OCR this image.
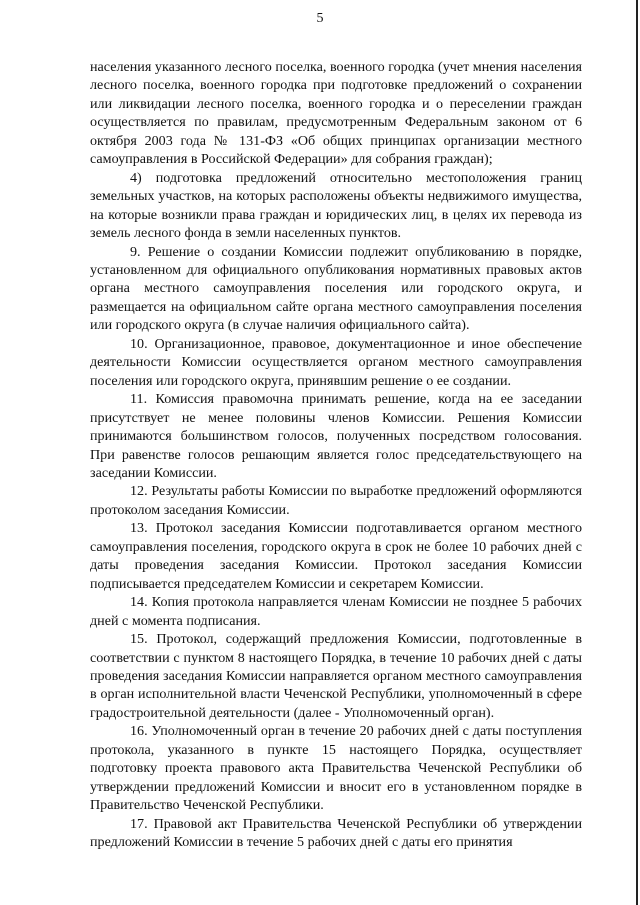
5

населения указанного лесного поселка, военного городка (учет мнения населения лесного поселка, военного городка при подготовке предложений о сохранении или ликвидации лесного поселка, военного городка и о переселении граждан осуществляется по правилам, предусмотренным Федеральным законом от 6 октября 2003 года № 131-ФЗ «Об общих принципах организации местного самоуправления в Российской Федерации» для собрания граждан);

4) подготовка предложений относительно местоположения границ земельных участков, на которых расположены объекты недвижимого имущества, на которые возникли права граждан и юридических лиц, в целях их перевода из земель лесного фонда в земли населенных пунктов.

9. Решение о создании Комиссии подлежит опубликованию в порядке, установленном для официального опубликования нормативных правовых актов органа местного самоуправления поселения или городского округа, и размещается на официальном сайте органа местного самоуправления поселения или городского округа (в случае наличия официального сайта).

10. Организационное, правовое, документационное и иное обеспечение деятельности Комиссии осуществляется органом местного самоуправления поселения или городского округа, принявшим решение о ее создании.

11. Комиссия правомочна принимать решение, когда на ее заседании присутствует не менее половины членов Комиссии. Решения Комиссии принимаются большинством голосов, полученных посредством голосования. При равенстве голосов решающим является голос председательствующего на заседании Комиссии.

12. Результаты работы Комиссии по выработке предложений оформляются протоколом заседания Комиссии.

13. Протокол заседания Комиссии подготавливается органом местного самоуправления поселения, городского округа в срок не более 10 рабочих дней с даты проведения заседания Комиссии. Протокол заседания Комиссии подписывается председателем Комиссии и секретарем Комиссии.

14. Копия протокола направляется членам Комиссии не позднее 5 рабочих дней с момента подписания.

15. Протокол, содержащий предложения Комиссии, подготовленные в соответствии с пунктом 8 настоящего Порядка, в течение 10 рабочих дней с даты проведения заседания Комиссии направляется органом местного самоуправления в орган исполнительной власти Чеченской Республики, уполномоченный в сфере градостроительной деятельности (далее - Уполномоченный орган).

16. Уполномоченный орган в течение 20 рабочих дней с даты поступления протокола, указанного в пункте 15 настоящего Порядка, осуществляет подготовку проекта правового акта Правительства Чеченской Республики об утверждении предложений Комиссии и вносит его в установленном порядке в Правительство Чеченской Республики.

17. Правовой акт Правительства Чеченской Республики об утверждении предложений Комиссии в течение 5 рабочих дней с даты его принятия
